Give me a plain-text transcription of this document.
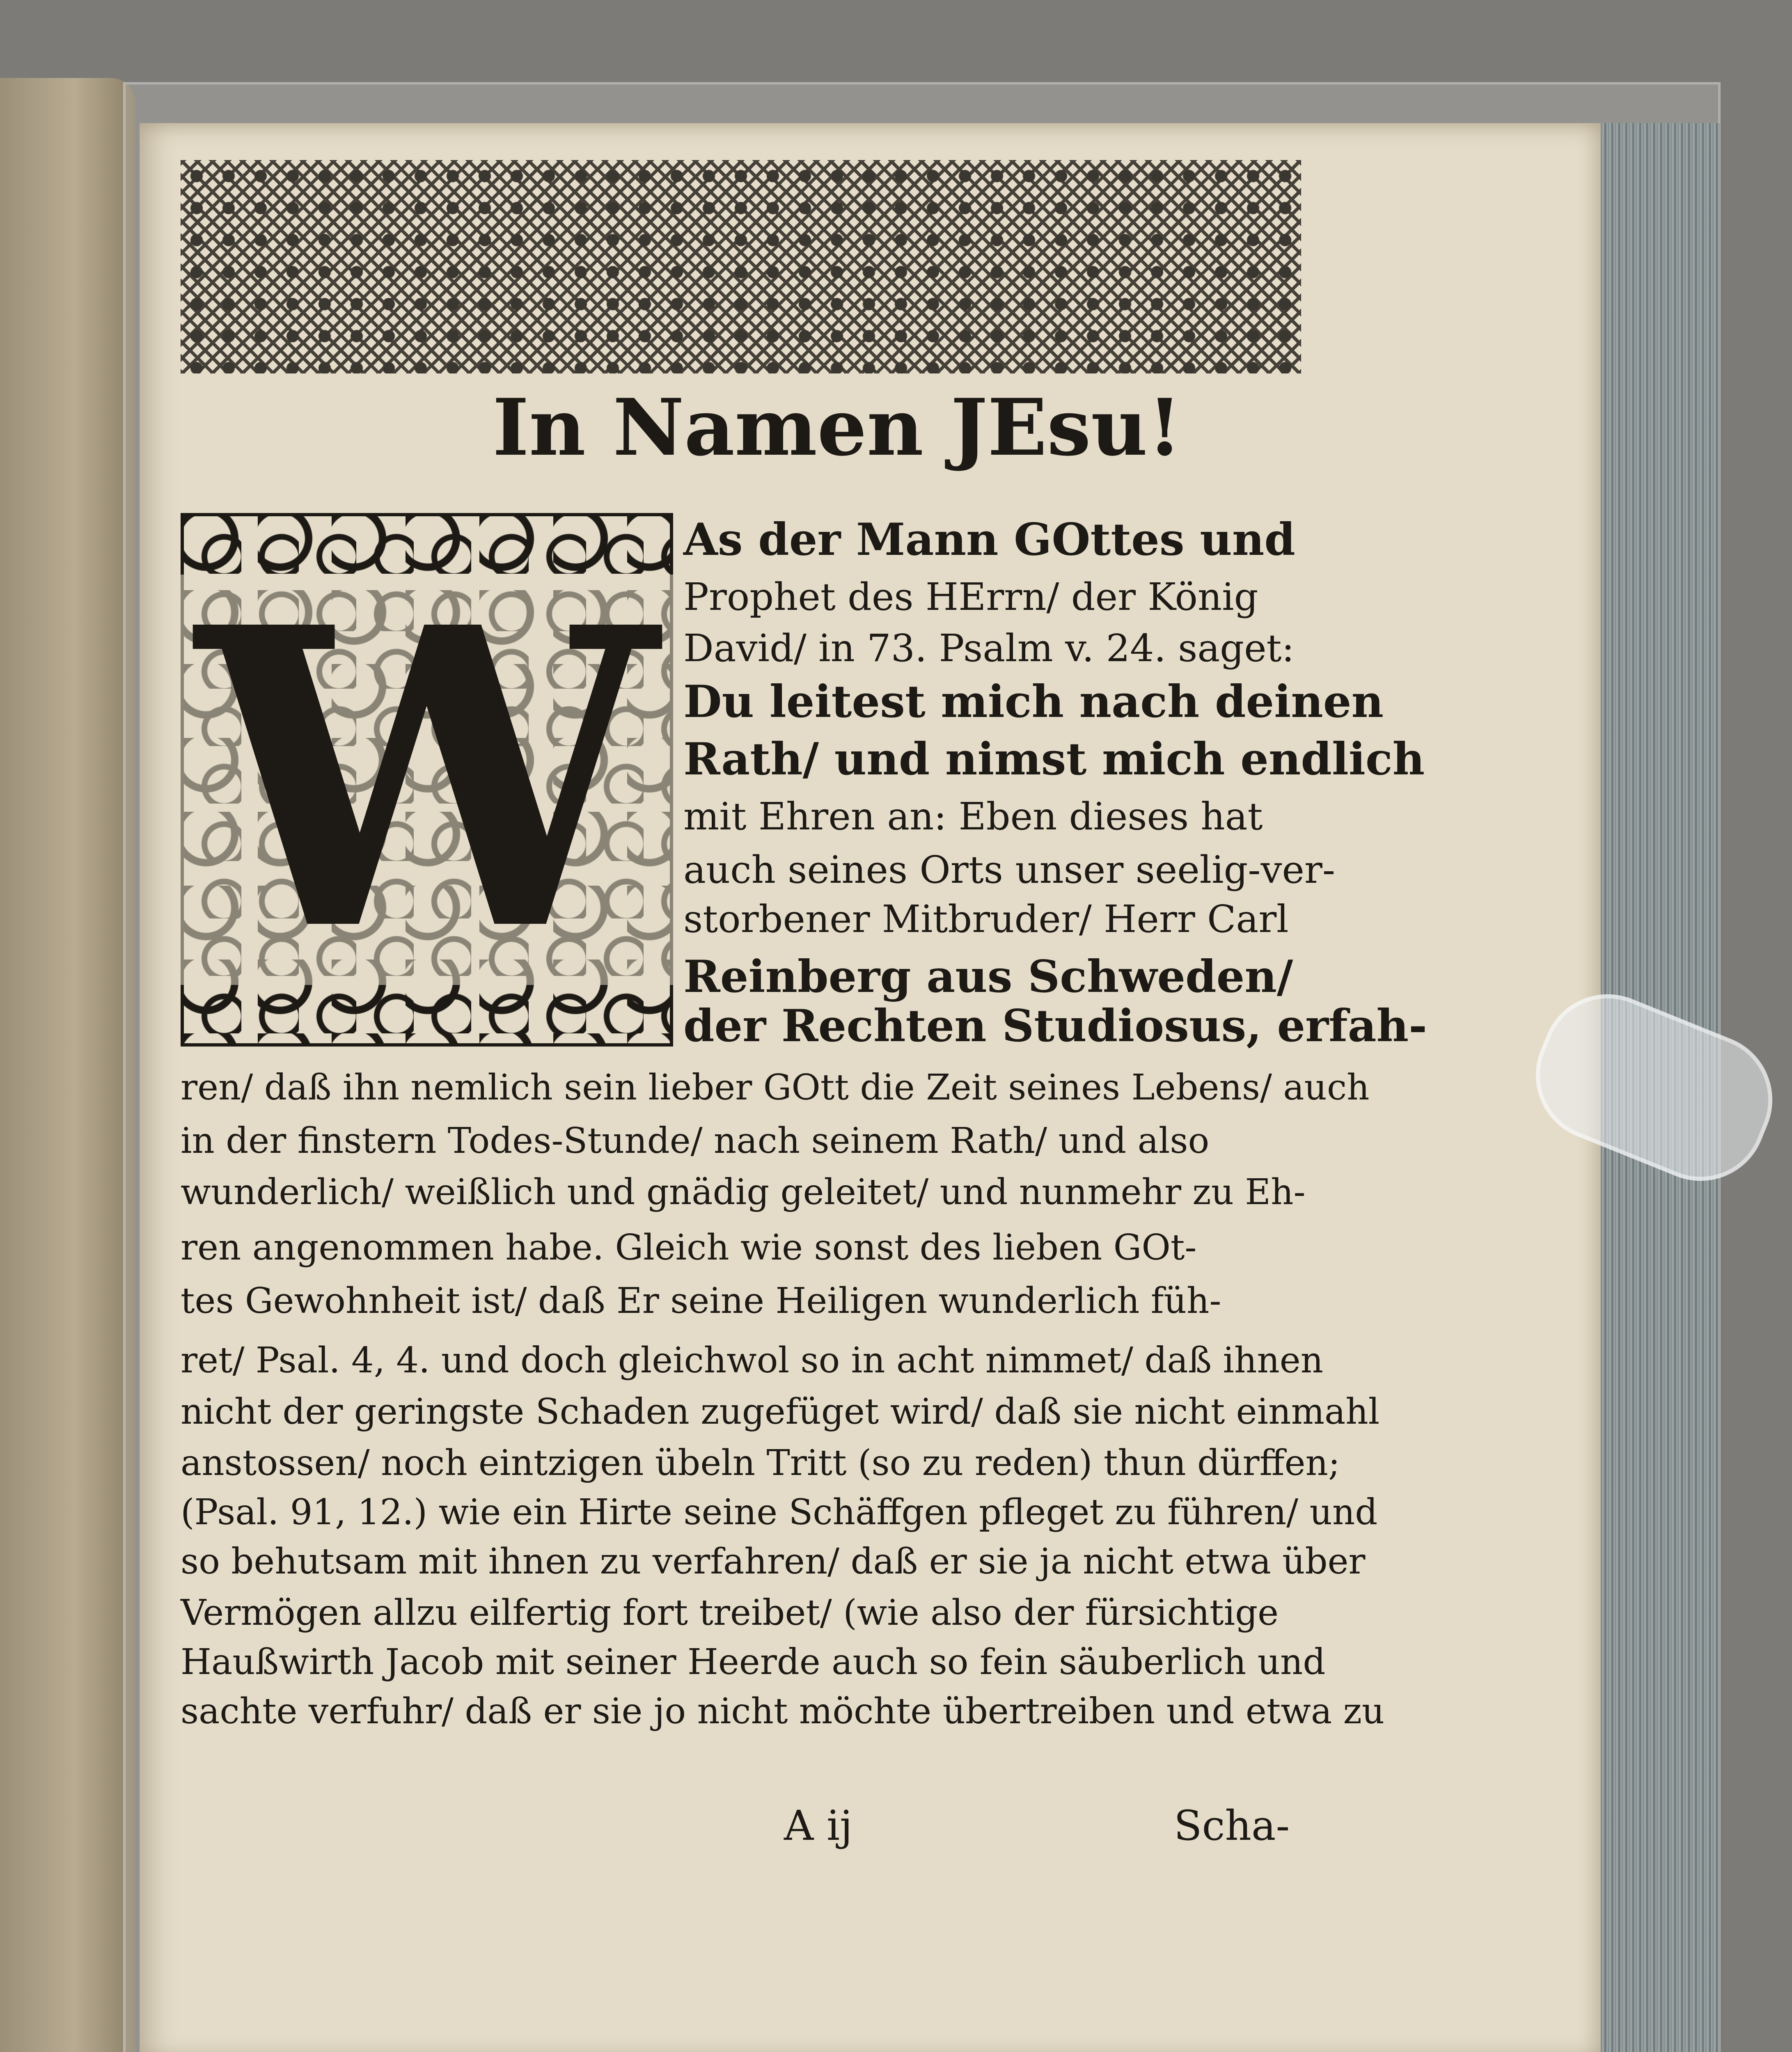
In Namen JEsu!
W As der Mann GOttes und
Prophet des HErrn/ der König
David/ in 73. Psalm v. 24. saget:
Du leitest mich nach deinen
Rath/ und nimst mich endlich
mit Ehren an: Eben dieses hat
auch seines Orts unser seelig-ver-
storbener Mitbruder/ Herr Carl
Reinberg aus Schweden/
der Rechten Studiosus, erfah-
ren/ daß ihn nemlich sein lieber GOtt die Zeit seines Lebens/ auch
in der finstern Todes-Stunde/ nach seinem Rath/ und also
wunderlich/ weißlich und gnädig geleitet/ und nunmehr zu Eh-
ren angenommen habe. Gleich wie sonst des lieben GOt-
tes Gewohnheit ist/ daß Er seine Heiligen wunderlich füh-
ret/ Psal. 4, 4. und doch gleichwol so in acht nimmet/ daß ihnen
nicht der geringste Schaden zugefüget wird/ daß sie nicht einmahl
anstossen/ noch eintzigen übeln Tritt (so zu reden) thun dürffen;
(Psal. 91, 12.) wie ein Hirte seine Schäffgen pfleget zu führen/ und
so behutsam mit ihnen zu verfahren/ daß er sie ja nicht etwa über
Vermögen allzu eilfertig fort treibet/ (wie also der fürsichtige
Haußwirth Jacob mit seiner Heerde auch so fein säuberlich und
sachte verfuhr/ daß er sie jo nicht möchte übertreiben und etwa zu
A ij	Scha-
